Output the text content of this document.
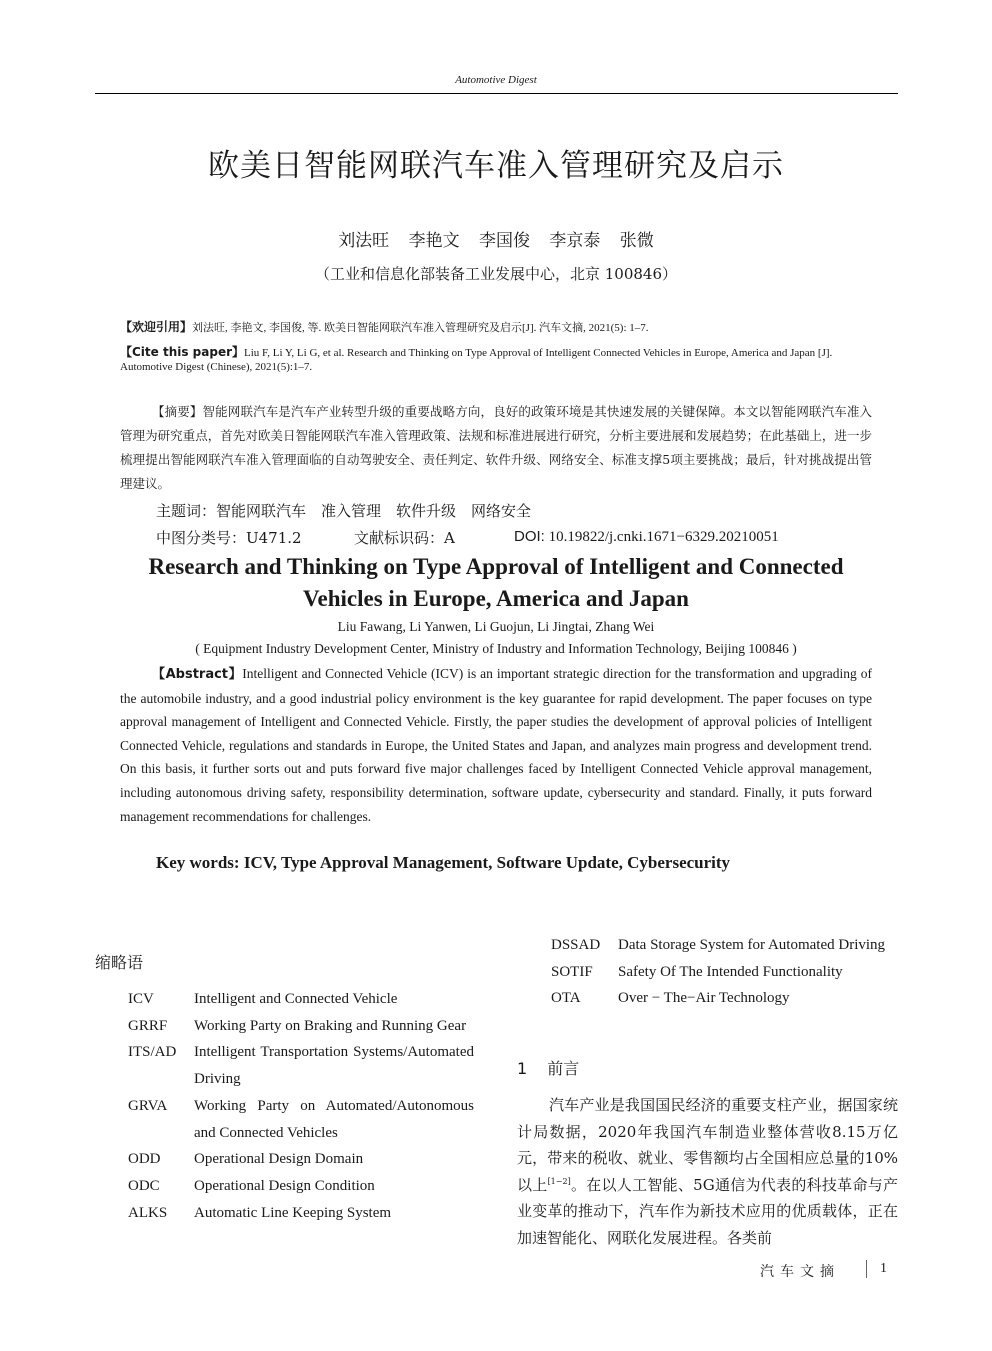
Automotive Digest
欧美日智能网联汽车准入管理研究及启示
刘法旺 李艳文 李国俊 李京泰 张微
（工业和信息化部装备工业发展中心，北京 100846）
【欢迎引用】刘法旺, 李艳文, 李国俊, 等. 欧美日智能网联汽车准入管理研究及启示[J]. 汽车文摘, 2021(5): 1–7.
【Cite this paper】Liu F, Li Y, Li G, et al. Research and Thinking on Type Approval of Intelligent Connected Vehicles in Europe, America and Japan [J]. Automotive Digest (Chinese), 2021(5):1–7.
【摘要】智能网联汽车是汽车产业转型升级的重要战略方向，良好的政策环境是其快速发展的关键保障。本文以智能网联汽车准入管理为研究重点，首先对欧美日智能网联汽车准入管理政策、法规和标准进展进行研究，分析主要进展和发展趋势；在此基础上，进一步梳理提出智能网联汽车准入管理面临的自动驾驶安全、责任判定、软件升级、网络安全、标准支撑5项主要挑战；最后，针对挑战提出管理建议。
主题词：智能网联汽车　准入管理　软件升级　网络安全
中图分类号：U471.2	文献标识码：A	DOI: 10.19822/j.cnki.1671−6329.20210051
Research and Thinking on Type Approval of Intelligent and Connected
Vehicles in Europe, America and Japan
Liu Fawang, Li Yanwen, Li Guojun, Li Jingtai, Zhang Wei
( Equipment Industry Development Center, Ministry of Industry and Information Technology, Beijing 100846 )
【Abstract】Intelligent and Connected Vehicle (ICV) is an important strategic direction for the transformation and upgrading of the automobile industry, and a good industrial policy environment is the key guarantee for rapid development. The paper focuses on type approval management of Intelligent and Connected Vehicle. Firstly, the paper studies the development of approval policies of Intelligent Connected Vehicle, regulations and standards in Europe, the United States and Japan, and analyzes main progress and development trend. On this basis, it further sorts out and puts forward five major challenges faced by Intelligent Connected Vehicle approval management, including autonomous driving safety, responsibility determination, software update, cybersecurity and standard. Finally, it puts forward management recommendations for challenges.
Key words: ICV, Type Approval Management, Software Update, Cybersecurity
缩略语
ICV	Intelligent and Connected Vehicle
GRRF Working Party on Braking and Running Gear
ITS/AD Intelligent Transportation Systems/Automated Driving
GRVA Working Party on Automated/Autonomous and Connected Vehicles
ODD Operational Design Domain
ODC Operational Design Condition
ALKS Automatic Line Keeping System
DSSAD Data Storage System for Automated Driving
SOTIF Safety Of The Intended Functionality
OTA Over − The−Air Technology
1 前言
汽车产业是我国国民经济的重要支柱产业，据国家统计局数据，2020年我国汽车制造业整体营收8.15万亿元，带来的税收、就业、零售额均占全国相应总量的10%以上[1−2]。在以人工智能、5G通信为代表的科技革命与产业变革的推动下，汽车作为新技术应用的优质载体，正在加速智能化、网联化发展进程。各类前
汽车文摘	1
